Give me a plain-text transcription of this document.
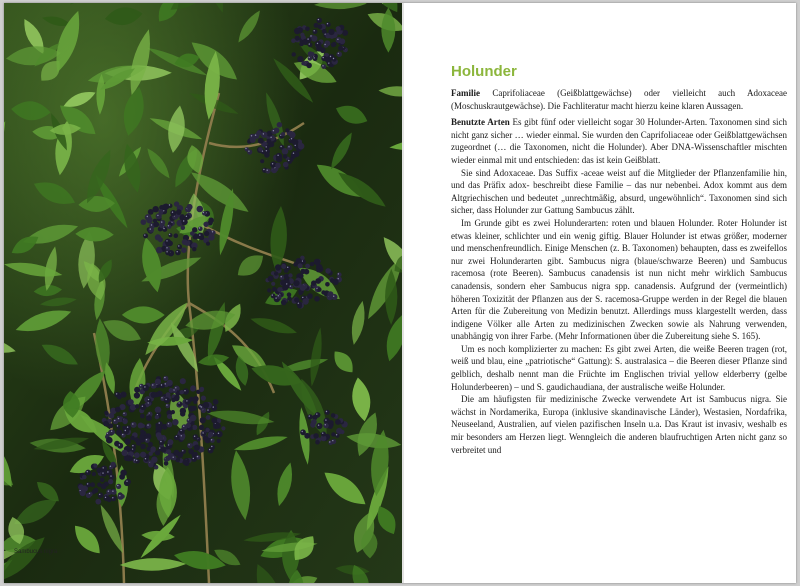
Holunder

Familie Caprifoliaceae (Geißblattgewächse) oder vielleicht auch Adoxaceae (Moschuskrautgewächse). Die Fachliteratur macht hierzu keine klaren Aussagen.

Benutzte Arten Es gibt fünf oder vielleicht sogar 30 Holunder-Arten. Taxonomen sind sich nicht ganz sicher … wieder einmal. Sie wurden den Caprifoliaceae oder Geißblattgewächsen zugeordnet (… die Taxonomen, nicht die Holunder). Aber DNA-Wissenschaftler mischten wieder einmal mit und entschieden: das ist kein Geißblatt.

Sie sind Adoxaceae. Das Suffix -aceae weist auf die Mitglieder der Pflanzenfamilie hin, und das Präfix adox- beschreibt diese Familie – das nur nebenbei. Adox kommt aus dem Altgriechischen und bedeutet „unrechtmäßig, absurd, ungewöhnlich“. Taxonomen sind sich sicher, dass Holunder zur Gattung Sambucus zählt.

Im Grunde gibt es zwei Holunderarten: roten und blauen Holunder. Roter Holunder ist etwas kleiner, schlichter und ein wenig giftig. Blauer Holunder ist etwas größer, moderner und menschenfreundlich. Einige Menschen (z. B. Taxonomen) behaupten, dass es zweifellos nur zwei Holunderarten gibt. Sambucus nigra (blaue/schwarze Beeren) und Sambucus racemosa (rote Beeren). Sambucus canadensis ist nun nicht mehr wirklich Sambucus canadensis, sondern eher Sambucus nigra spp. canadensis. Aufgrund der (vermeintlich) höheren Toxizität der Pflanzen aus der S. racemosa-Gruppe werden in der Regel die blauen Arten für die Zubereitung von Medizin benutzt. Allerdings muss klargestellt werden, dass indigene Völker alle Arten zu medizinischen Zwecken sowie als Nahrung verwenden, unabhängig von ihrer Farbe. (Mehr Informationen über die Zubereitung siehe S. 165).

Um es noch komplizierter zu machen: Es gibt zwei Arten, die weiße Beeren tragen (rot, weiß und blau, eine „patriotische“ Gattung): S. australasica – die Beeren dieser Pflanze sind gelblich, deshalb nennt man die Früchte im Englischen trivial yellow elderberry (gelbe Holunderbeeren) – und S. gaudichaudiana, der australische weiße Holunder.

Die am häufigsten für medizinische Zwecke verwendete Art ist Sambucus nigra. Sie wächst in Nordamerika, Europa (inklusive skandinavische Länder), Westasien, Nordafrika, Neuseeland, Australien, auf vielen pazifischen Inseln u.a. Das Kraut ist invasiv, weshalb es mir besonders am Herzen liegt. Wenngleich die anderen blaufruchtigen Arten nicht ganz so verbreitet und

Sambucus nigra
